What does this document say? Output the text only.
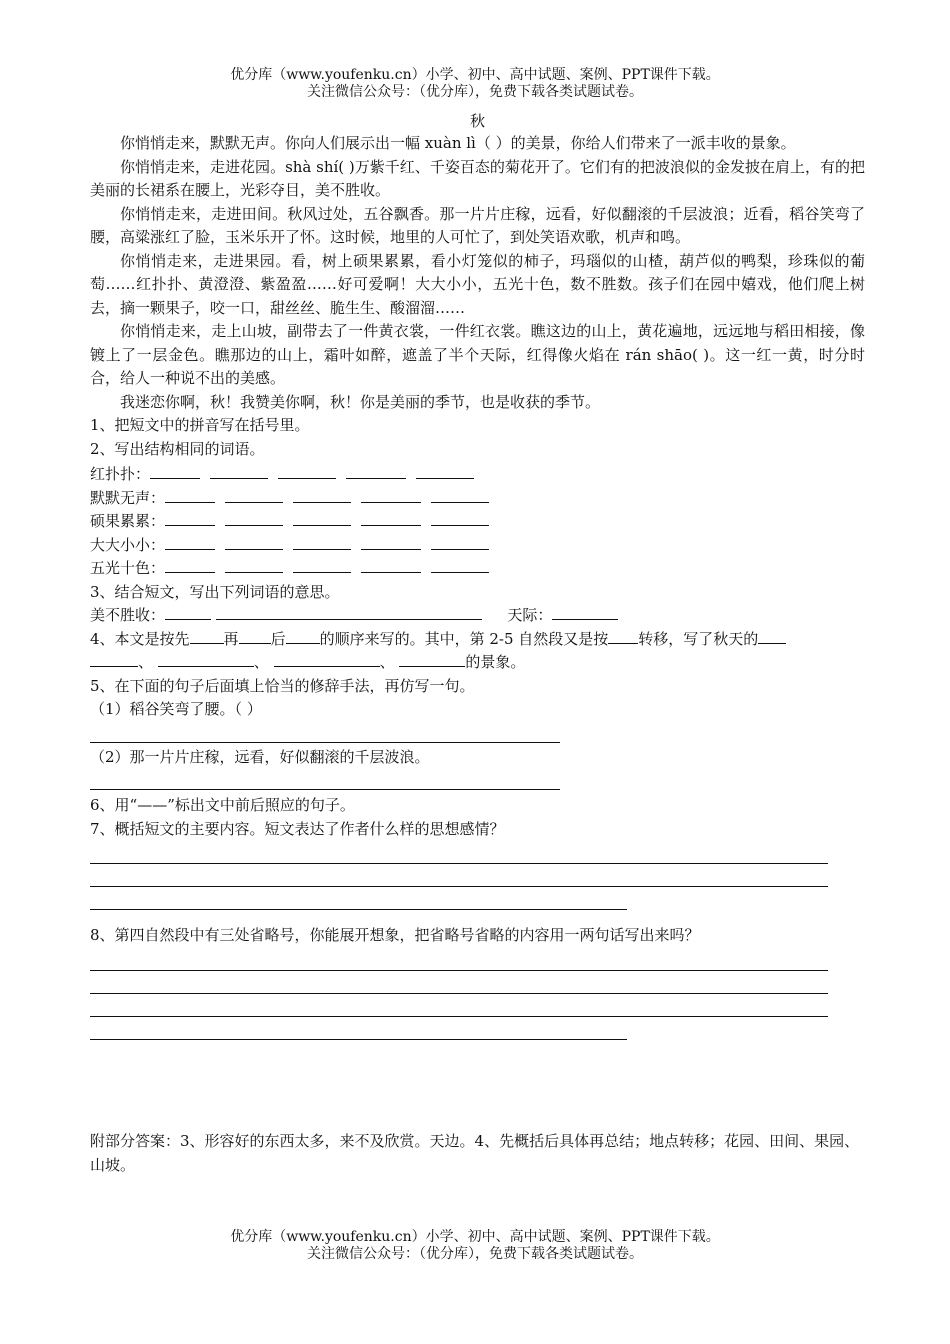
优分库（www.youfenku.cn）小学、初中、高中试题、案例、PPT课件下载。
关注微信公众号：（优分库），免费下载各类试题试卷。
秋

你悄悄走来，默默无声。你向人们展示出一幅 xuàn lì（ ）的美景，你给人们带来了一派丰收的景象。

你悄悄走来，走进花园。shà shí( )万紫千红、千姿百态的菊花开了。它们有的把波浪似的金发披在肩上，有的把美丽的长裙系在腰上，光彩夺目，美不胜收。

你悄悄走来，走进田间。秋风过处，五谷飘香。那一片片庄稼，远看，好似翻滚的千层波浪；近看，稻谷笑弯了腰，高粱涨红了脸，玉米乐开了怀。这时候，地里的人可忙了，到处笑语欢歌，机声和鸣。

你悄悄走来，走进果园。看，树上硕果累累，看小灯笼似的柿子，玛瑙似的山楂，葫芦似的鸭梨，珍珠似的葡萄……红扑扑、黄澄澄、紫盈盈……好可爱啊！大大小小，五光十色，数不胜数。孩子们在园中嬉戏，他们爬上树去，摘一颗果子，咬一口，甜丝丝、脆生生、酸溜溜……

你悄悄走来，走上山坡，副带去了一件黄衣裳，一件红衣裳。瞧这边的山上，黄花遍地，远远地与稻田相接，像镀上了一层金色。瞧那边的山上，霜叶如醉，遮盖了半个天际，红得像火焰在 rán shāo( )。这一红一黄，时分时合，给人一种说不出的美感。

我迷恋你啊，秋！我赞美你啊，秋！你是美丽的季节，也是收获的季节。

1、把短文中的拼音写在括号里。

2、写出结构相同的词语。

红扑扑：

默默无声：

硕果累累：

大大小小：

五光十色：

3、结合短文，写出下列词语的意思。

美不胜收：	天际：

4、本文是按先 再 后 的顺序来写的。其中，第 2-5 自然段又是按 转移，写了秋天的

、	、	、	的景象。

5、在下面的句子后面填上恰当的修辞手法，再仿写一句。

（1）稻谷笑弯了腰。（ ）

（2）那一片片庄稼，远看，好似翻滚的千层波浪。

6、用“——”标出文中前后照应的句子。

7、概括短文的主要内容。短文表达了作者什么样的思想感情？

8、第四自然段中有三处省略号，你能展开想象，把省略号省略的内容用一两句话写出来吗？

附部分答案：3、形容好的东西太多，来不及欣赏。天边。4、先概括后具体再总结；地点转移；花园、田间、果园、山坡。
优分库（www.youfenku.cn）小学、初中、高中试题、案例、PPT课件下载。
关注微信公众号：（优分库），免费下载各类试题试卷。
